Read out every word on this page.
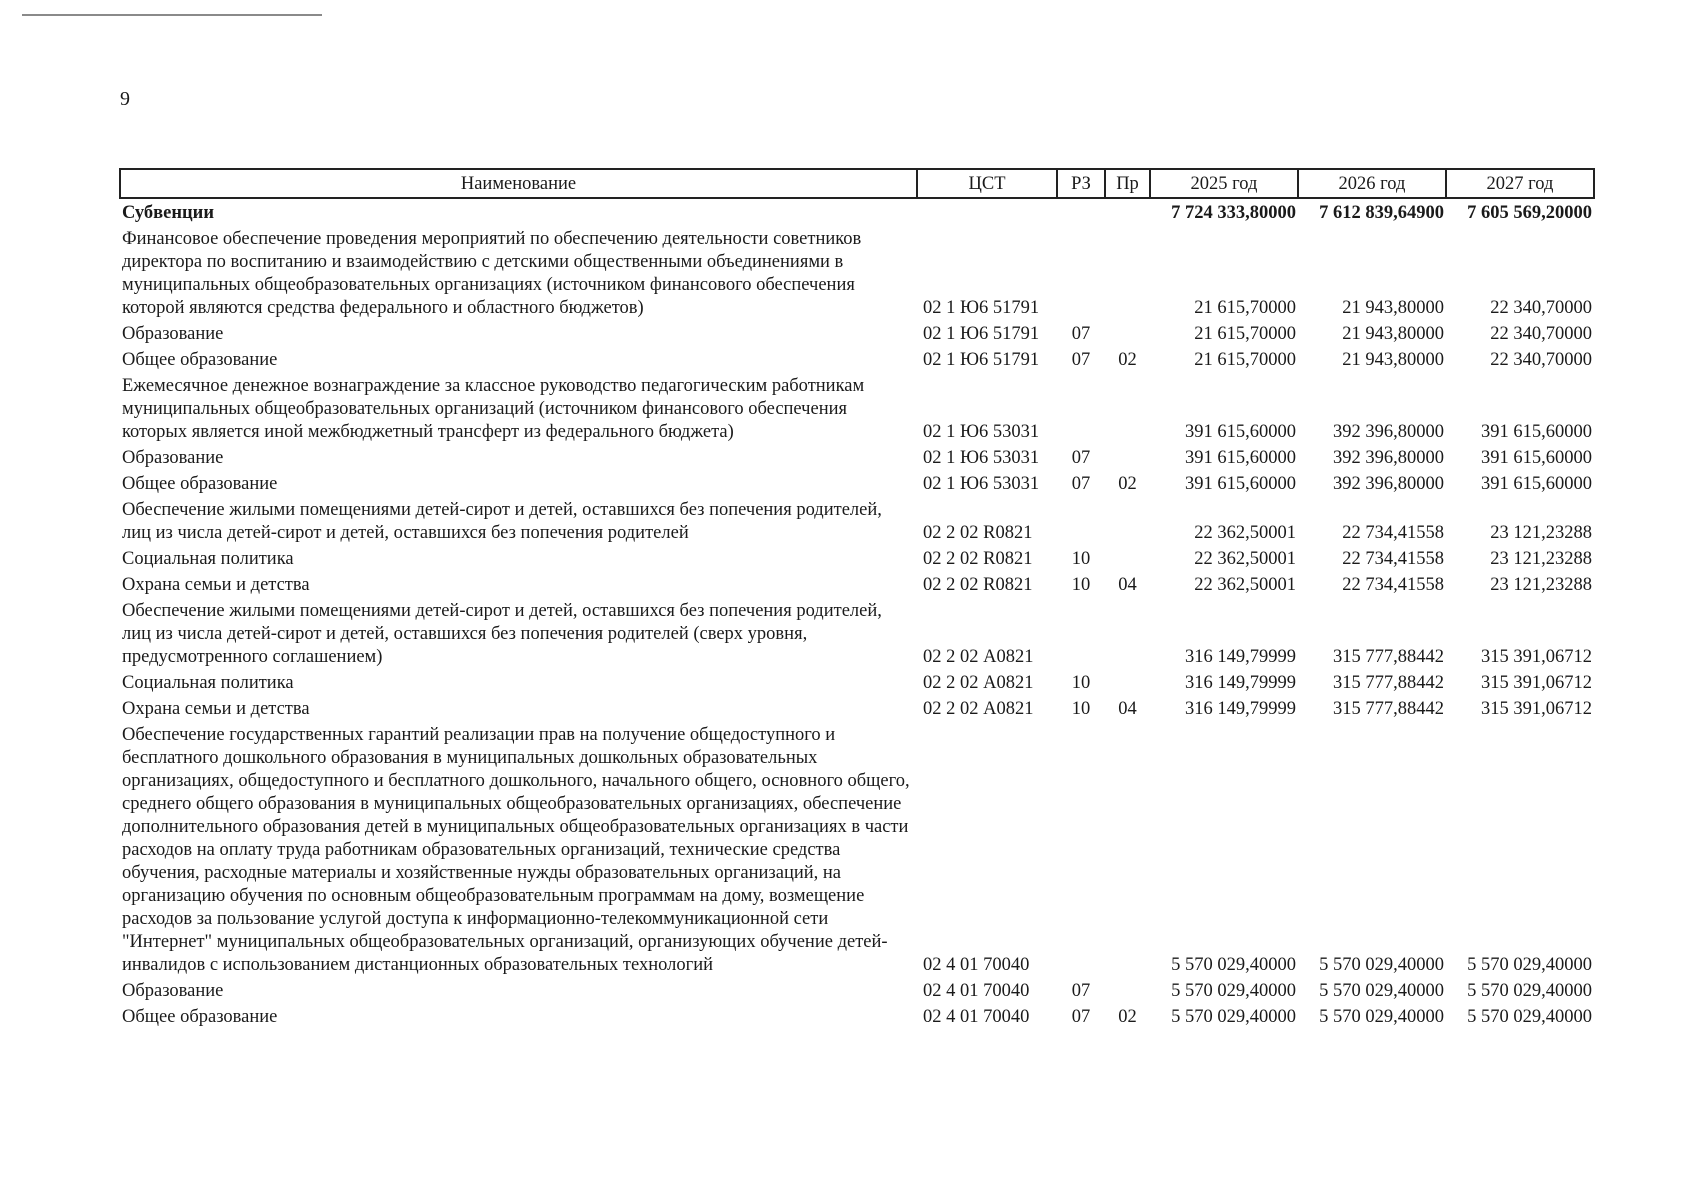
9
Наименование	ЦСТ	РЗ	Пр	2025 год	2026 год	2027 год
Субвенции				7 724 333,80000	7 612 839,64900	7 605 569,20000
Финансовое обеспечение проведения мероприятий по обеспечению деятельности советников директора по воспитанию и взаимодействию с детскими общественными объединениями в муниципальных общеобразовательных организациях (источником финансового обеспечения которой являются средства федерального и областного бюджетов)	02 1 Ю6 51791			21 615,70000	21 943,80000	22 340,70000
Образование	02 1 Ю6 51791	07		21 615,70000	21 943,80000	22 340,70000
Общее образование	02 1 Ю6 51791	07	02	21 615,70000	21 943,80000	22 340,70000
Ежемесячное денежное вознаграждение за классное руководство педагогическим работникам муниципальных общеобразовательных организаций (источником финансового обеспечения которых является иной межбюджетный трансферт из федерального бюджета)	02 1 Ю6 53031			391 615,60000	392 396,80000	391 615,60000
Образование	02 1 Ю6 53031	07		391 615,60000	392 396,80000	391 615,60000
Общее образование	02 1 Ю6 53031	07	02	391 615,60000	392 396,80000	391 615,60000
Обеспечение жилыми помещениями детей-сирот и детей, оставшихся без попечения родителей, лиц из числа детей-сирот и детей, оставшихся без попечения родителей	02 2 02 R0821			22 362,50001	22 734,41558	23 121,23288
Социальная политика	02 2 02 R0821	10		22 362,50001	22 734,41558	23 121,23288
Охрана семьи и детства	02 2 02 R0821	10	04	22 362,50001	22 734,41558	23 121,23288
Обеспечение жилыми помещениями детей-сирот и детей, оставшихся без попечения родителей, лиц из числа детей-сирот и детей, оставшихся без попечения родителей (сверх уровня, предусмотренного соглашением)	02 2 02 А0821			316 149,79999	315 777,88442	315 391,06712
Социальная политика	02 2 02 А0821	10		316 149,79999	315 777,88442	315 391,06712
Охрана семьи и детства	02 2 02 А0821	10	04	316 149,79999	315 777,88442	315 391,06712
Обеспечение государственных гарантий реализации прав на получение общедоступного и бесплатного дошкольного образования в муниципальных дошкольных образовательных организациях, общедоступного и бесплатного дошкольного, начального общего, основного общего, среднего общего образования в муниципальных общеобразовательных организациях, обеспечение дополнительного образования детей в муниципальных общеобразовательных организациях в части расходов на оплату труда работникам образовательных организаций, технические средства обучения, расходные материалы и хозяйственные нужды образовательных организаций, на организацию обучения по основным общеобразовательным программам на дому, возмещение расходов за пользование услугой доступа к информационно-телекоммуникационной сети "Интернет" муниципальных общеобразовательных организаций, организующих обучение детей-инвалидов с использованием дистанционных образовательных технологий	02 4 01 70040			5 570 029,40000	5 570 029,40000	5 570 029,40000
Образование	02 4 01 70040	07		5 570 029,40000	5 570 029,40000	5 570 029,40000
Общее образование	02 4 01 70040	07	02	5 570 029,40000	5 570 029,40000	5 570 029,40000
